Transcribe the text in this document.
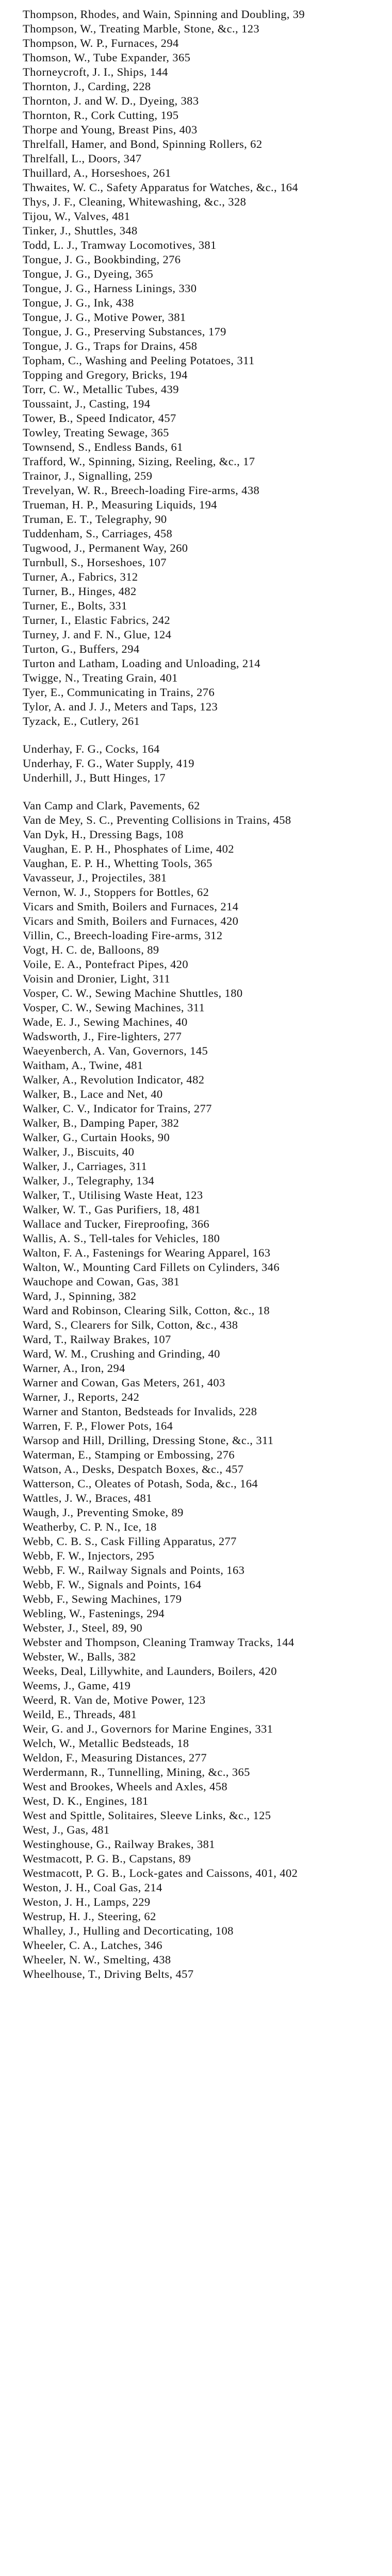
Thompson, Rhodes, and Wain, Spinning and Doubling, 39

Thompson, W., Treating Marble, Stone, &c., 123

Thompson, W. P., Furnaces, 294

Thomson, W., Tube Expander, 365

Thorneycroft, J. I., Ships, 144

Thornton, J., Carding, 228

Thornton, J. and W. D., Dyeing, 383

Thornton, R., Cork Cutting, 195

Thorpe and Young, Breast Pins, 403

Threlfall, Hamer, and Bond, Spinning Rollers, 62

Threlfall, L., Doors, 347

Thuillard, A., Horseshoes, 261

Thwaites, W. C., Safety Apparatus for Watches, &c., 164

Thys, J. F., Cleaning, Whitewashing, &c., 328

Tijou, W., Valves, 481

Tinker, J., Shuttles, 348

Todd, L. J., Tramway Locomotives, 381

Tongue, J. G., Bookbinding, 276

Tongue, J. G., Dyeing, 365

Tongue, J. G., Harness Linings, 330

Tongue, J. G., Ink, 438

Tongue, J. G., Motive Power, 381

Tongue, J. G., Preserving Substances, 179

Tongue, J. G., Traps for Drains, 458

Topham, C., Washing and Peeling Potatoes, 311

Topping and Gregory, Bricks, 194

Torr, C. W., Metallic Tubes, 439

Toussaint, J., Casting, 194

Tower, B., Speed Indicator, 457

Towley, Treating Sewage, 365

Townsend, S., Endless Bands, 61

Trafford, W., Spinning, Sizing, Reeling, &c., 17

Trainor, J., Signalling, 259

Trevelyan, W. R., Breech-loading Fire-arms, 438

Trueman, H. P., Measuring Liquids, 194

Truman, E. T., Telegraphy, 90

Tuddenham, S., Carriages, 458

Tugwood, J., Permanent Way, 260

Turnbull, S., Horseshoes, 107

Turner, A., Fabrics, 312

Turner, B., Hinges, 482

Turner, E., Bolts, 331

Turner, I., Elastic Fabrics, 242

Turney, J. and F. N., Glue, 124

Turton, G., Buffers, 294

Turton and Latham, Loading and Unloading, 214

Twigge, N., Treating Grain, 401

Tyer, E., Communicating in Trains, 276

Tylor, A. and J. J., Meters and Taps, 123

Tyzack, E., Cutlery, 261

Underhay, F. G., Cocks, 164

Underhay, F. G., Water Supply, 419

Underhill, J., Butt Hinges, 17

Van Camp and Clark, Pavements, 62

Van de Mey, S. C., Preventing Collisions in Trains, 458

Van Dyk, H., Dressing Bags, 108

Vaughan, E. P. H., Phosphates of Lime, 402

Vaughan, E. P. H., Whetting Tools, 365

Vavasseur, J., Projectiles, 381

Vernon, W. J., Stoppers for Bottles, 62

Vicars and Smith, Boilers and Furnaces, 214

Vicars and Smith, Boilers and Furnaces, 420

Villin, C., Breech-loading Fire-arms, 312

Vogt, H. C. de, Balloons, 89

Voile, E. A., Pontefract Pipes, 420

Voisin and Dronier, Light, 311

Vosper, C. W., Sewing Machine Shuttles, 180

Vosper, C. W., Sewing Machines, 311

Wade, E. J., Sewing Machines, 40

Wadsworth, J., Fire-lighters, 277

Waeyenberch, A. Van, Governors, 145

Waitham, A., Twine, 481

Walker, A., Revolution Indicator, 482

Walker, B., Lace and Net, 40

Walker, C. V., Indicator for Trains, 277

Walker, B., Damping Paper, 382

Walker, G., Curtain Hooks, 90

Walker, J., Biscuits, 40

Walker, J., Carriages, 311

Walker, J., Telegraphy, 134

Walker, T., Utilising Waste Heat, 123

Walker, W. T., Gas Purifiers, 18, 481

Wallace and Tucker, Fireproofing, 366

Wallis, A. S., Tell-tales for Vehicles, 180

Walton, F. A., Fastenings for Wearing Apparel, 163

Walton, W., Mounting Card Fillets on Cylinders, 346

Wauchope and Cowan, Gas, 381

Ward, J., Spinning, 382

Ward and Robinson, Clearing Silk, Cotton, &c., 18

Ward, S., Clearers for Silk, Cotton, &c., 438

Ward, T., Railway Brakes, 107

Ward, W. M., Crushing and Grinding, 40

Warner, A., Iron, 294

Warner and Cowan, Gas Meters, 261, 403

Warner, J., Reports, 242

Warner and Stanton, Bedsteads for Invalids, 228

Warren, F. P., Flower Pots, 164

Warsop and Hill, Drilling, Dressing Stone, &c., 311

Waterman, E., Stamping or Embossing, 276

Watson, A., Desks, Despatch Boxes, &c., 457

Watterson, C., Oleates of Potash, Soda, &c., 164

Wattles, J. W., Braces, 481

Waugh, J., Preventing Smoke, 89

Weatherby, C. P. N., Ice, 18

Webb, C. B. S., Cask Filling Apparatus, 277

Webb, F. W., Injectors, 295

Webb, F. W., Railway Signals and Points, 163

Webb, F. W., Signals and Points, 164

Webb, F., Sewing Machines, 179

Webling, W., Fastenings, 294

Webster, J., Steel, 89, 90

Webster and Thompson, Cleaning Tramway Tracks, 144

Webster, W., Balls, 382

Weeks, Deal, Lillywhite, and Launders, Boilers, 420

Weems, J., Game, 419

Weerd, R. Van de, Motive Power, 123

Weild, E., Threads, 481

Weir, G. and J., Governors for Marine Engines, 331

Welch, W., Metallic Bedsteads, 18

Weldon, F., Measuring Distances, 277

Werdermann, R., Tunnelling, Mining, &c., 365

West and Brookes, Wheels and Axles, 458

West, D. K., Engines, 181

West and Spittle, Solitaires, Sleeve Links, &c., 125

West, J., Gas, 481

Westinghouse, G., Railway Brakes, 381

Westmacott, P. G. B., Capstans, 89

Westmacott, P. G. B., Lock-gates and Caissons, 401, 402

Weston, J. H., Coal Gas, 214

Weston, J. H., Lamps, 229

Westrup, H. J., Steering, 62

Whalley, J., Hulling and Decorticating, 108

Wheeler, C. A., Latches, 346

Wheeler, N. W., Smelting, 438

Wheelhouse, T., Driving Belts, 457
